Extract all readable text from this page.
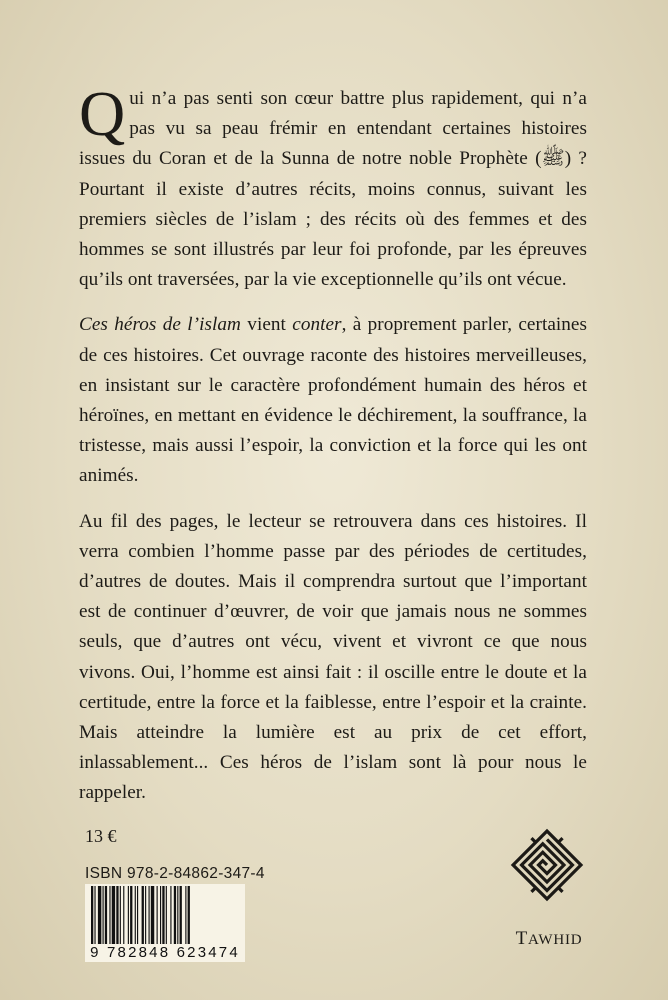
Qui n’a pas senti son cœur battre plus rapidement, qui n’a pas vu sa peau frémir en entendant certaines histoires issues du Coran et de la Sunna de notre noble Prophète (ﷺ) ? Pourtant il existe d’autres récits, moins connus, suivant les premiers siècles de l’islam ; des récits où des femmes et des hommes se sont illustrés par leur foi profonde, par les épreuves qu’ils ont traversées, par la vie exceptionnelle qu’ils ont vécue.

Ces héros de l’islam vient conter, à proprement parler, certaines de ces histoires. Cet ouvrage raconte des histoires merveilleuses, en insistant sur le caractère profondément humain des héros et héroïnes, en mettant en évidence le déchirement, la souffrance, la tristesse, mais aussi l’espoir, la conviction et la force qui les ont animés.

Au fil des pages, le lecteur se retrouvera dans ces histoires. Il verra combien l’homme passe par des périodes de certitudes, d’autres de doutes. Mais il comprendra surtout que l’important est de continuer d’œuvrer, de voir que jamais nous ne sommes seuls, que d’autres ont vécu, vivent et vivront ce que nous vivons. Oui, l’homme est ainsi fait : il oscille entre le doute et la certitude, entre la force et la faiblesse, entre l’espoir et la crainte. Mais atteindre la lumière est au prix de cet effort, inlassablement... Ces héros de l’islam sont là pour nous le rappeler.

13 €
ISBN 978-2-84862-347-4
9 782848 623474
TAWHID
